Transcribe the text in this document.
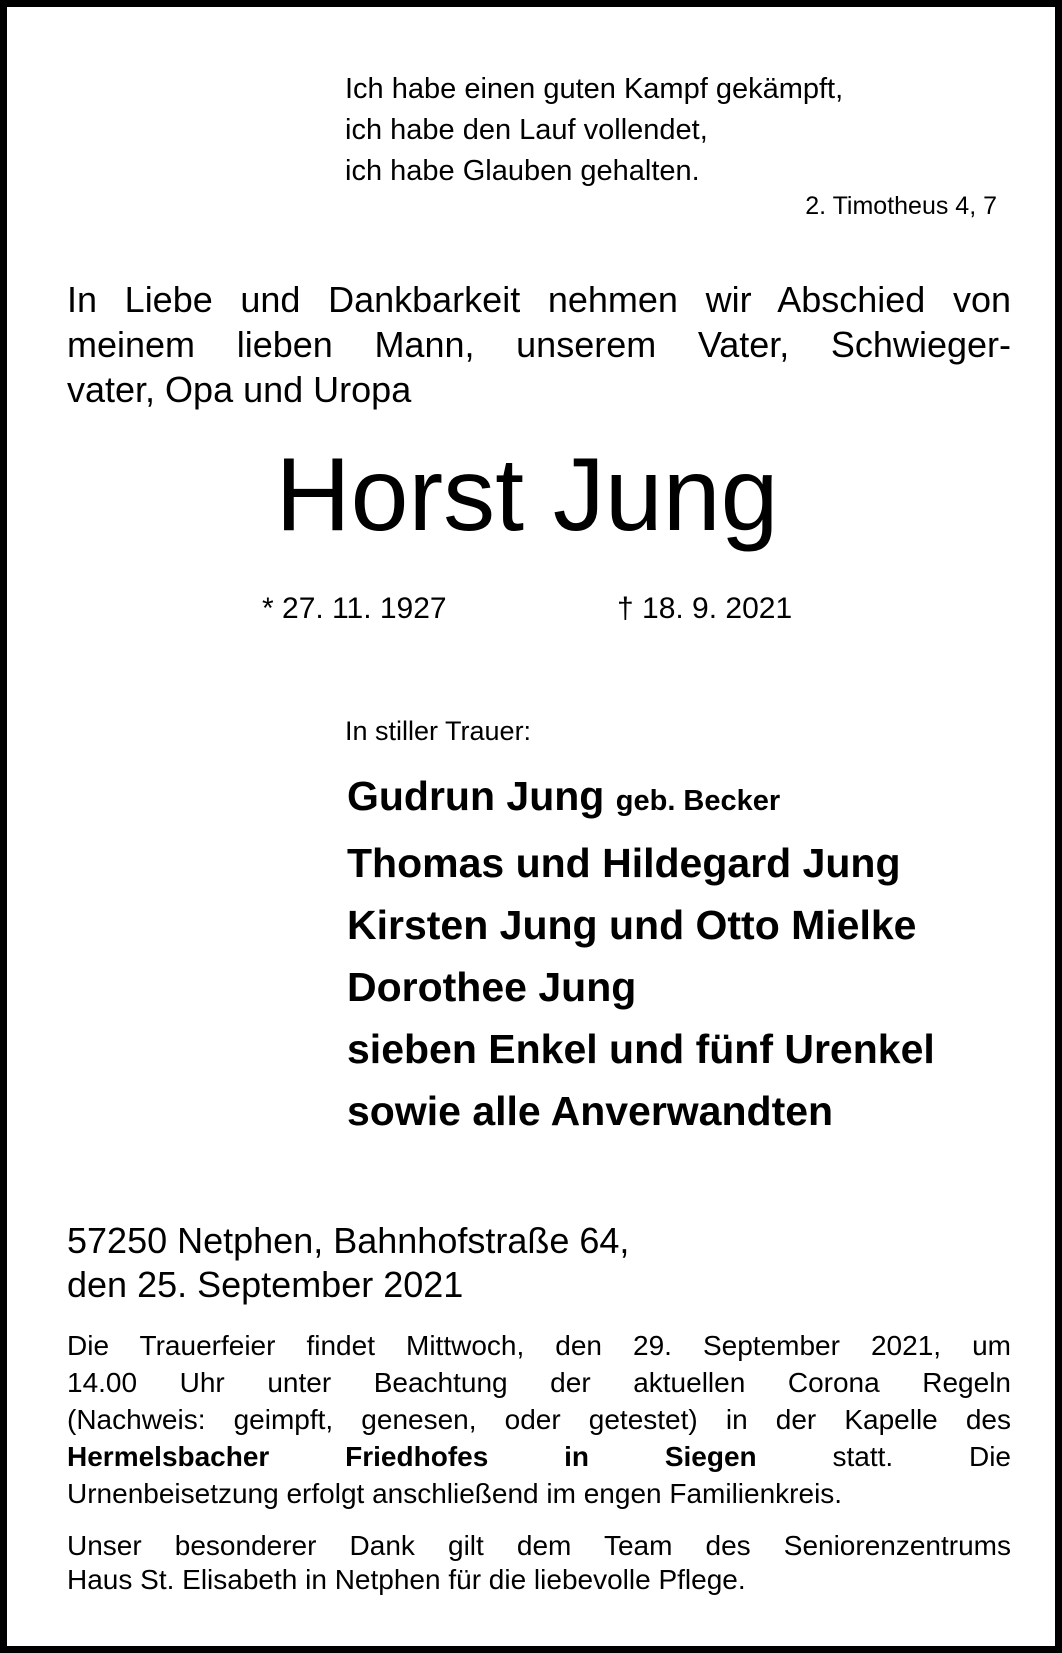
Ich habe einen guten Kampf gekämpft,
ich habe den Lauf vollendet,
ich habe Glauben gehalten.
2. Timotheus 4, 7
In Liebe und Dankbarkeit nehmen wir Abschied von
meinem lieben Mann, unserem Vater, Schwieger-
vater, Opa und Uropa
Horst Jung
* 27. 11. 1927	† 18. 9. 2021
In stiller Trauer:
Gudrun Jung geb. Becker
Thomas und Hildegard Jung
Kirsten Jung und Otto Mielke
Dorothee Jung
sieben Enkel und fünf Urenkel
sowie alle Anverwandten
57250 Netphen, Bahnhofstraße 64,
den 25. September 2021
Die Trauerfeier findet Mittwoch, den 29. September 2021, um
14.00 Uhr unter Beachtung der aktuellen Corona Regeln
(Nachweis: geimpft, genesen, oder getestet) in der Kapelle des
Hermelsbacher Friedhofes in Siegen	statt. Die
Urnenbeisetzung erfolgt anschließend im engen Familienkreis.
Unser besonderer Dank gilt dem Team des Seniorenzentrums
Haus St. Elisabeth in Netphen für die liebevolle Pflege.
